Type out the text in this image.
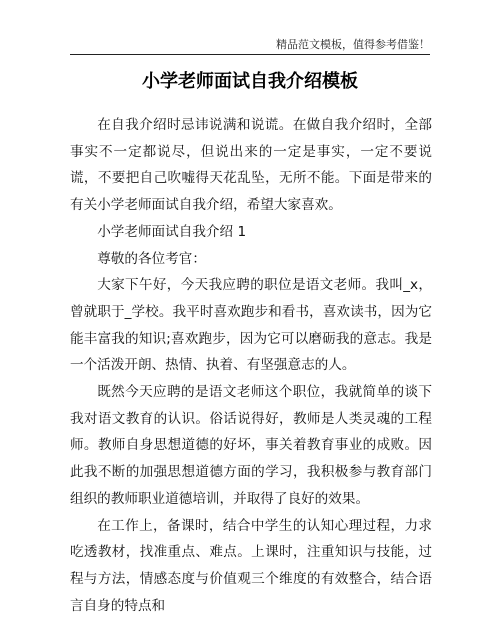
精品范文模板，值得参考借鉴！
小学老师面试自我介绍模板

在自我介绍时忌讳说满和说谎。在做自我介绍时，全部事实不一定都说尽，但说出来的一定是事实，一定不要说谎，不要把自己吹嘘得天花乱坠，无所不能。下面是带来的有关小学老师面试自我介绍，希望大家喜欢。

小学老师面试自我介绍 1

尊敬的各位考官：

大家下午好，今天我应聘的职位是语文老师。我叫_x，曾就职于_学校。我平时喜欢跑步和看书，喜欢读书，因为它能丰富我的知识;喜欢跑步，因为它可以磨砺我的意志。我是一个活泼开朗、热情、执着、有坚强意志的人。

既然今天应聘的是语文老师这个职位，我就简单的谈下我对语文教育的认识。俗话说得好，教师是人类灵魂的工程师。教师自身思想道德的好坏，事关着教育事业的成败。因此我不断的加强思想道德方面的学习，我积极参与教育部门组织的教师职业道德培训，并取得了良好的效果。

在工作上，备课时，结合中学生的认知心理过程，力求吃透教材，找准重点、难点。上课时，注重知识与技能，过程与方法，情感态度与价值观三个维度的有效整合，结合语言自身的特点和
